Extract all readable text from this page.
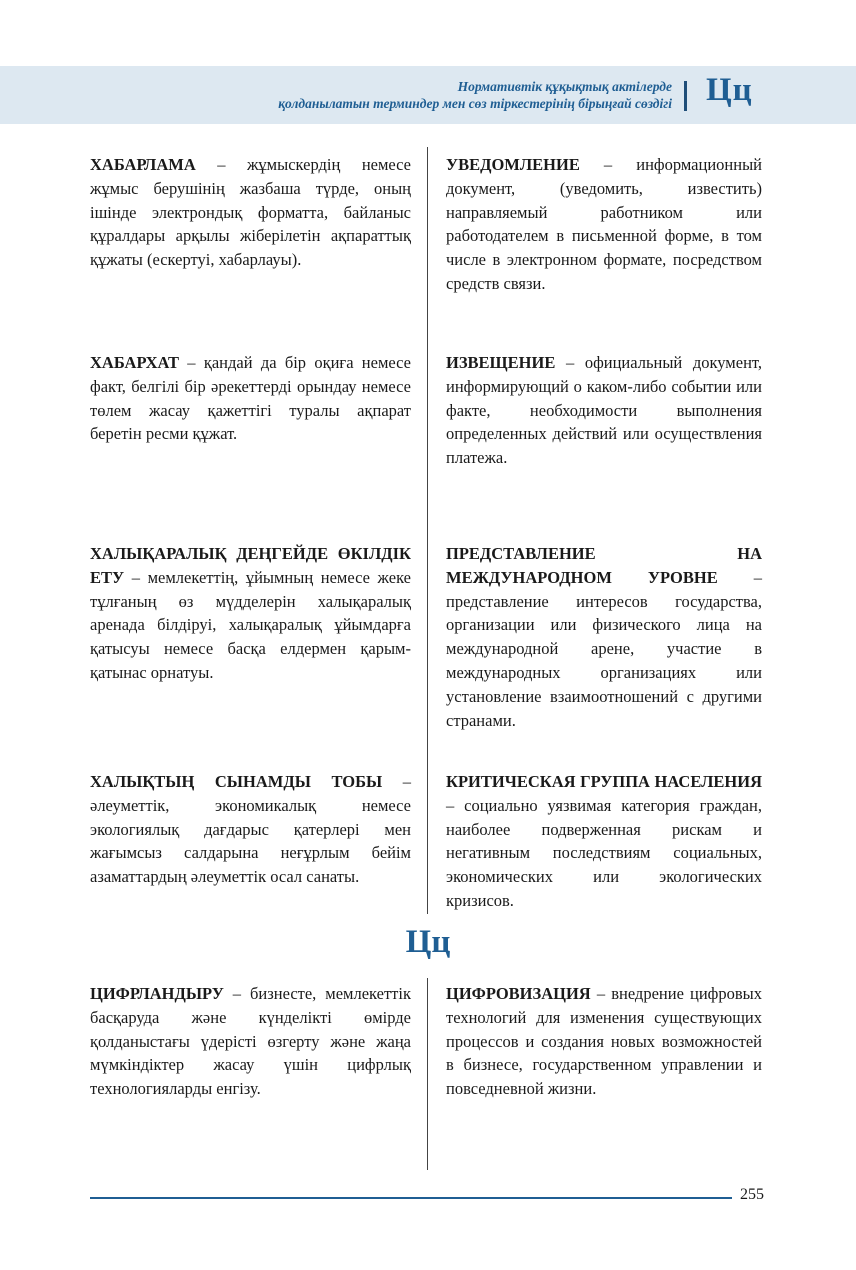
Нормативтік құқықтық актілерде
қолданылатын терминдер мен сөз тіркестерінің бірыңғай сөздігі Цц
ХАБАРЛАМА – жұмыскердің немесе жұмыс берушінің жазбаша түрде, оның ішінде электрондық форматта, байланыс құралдары арқылы жіберілетін ақпараттық құжаты (ескертуі, хабарлауы).
УВЕДОМЛЕНИЕ – информационный документ, (уведомить, известить) направляемый работником или работодателем в письменной форме, в том числе в электронном формате, посредством средств связи.
ХАБАРХАТ – қандай да бір оқиға немесе факт, белгілі бір әрекеттерді орындау немесе төлем жасау қажеттігі туралы ақпарат беретін ресми құжат.
ИЗВЕЩЕНИЕ – официальный документ, информирующий о каком-либо событии или факте, необходимости выполнения определенных действий или осуществления платежа.
ХАЛЫҚАРАЛЫҚ ДЕҢГЕЙДЕ ӨКІЛДІК ЕТУ – мемлекеттің, ұйымның немесе жеке тұлғаның өз мүдделерін халықаралық аренада білдіруі, халықаралық ұйымдарға қатысуы немесе басқа елдермен қарым-қатынас орнатуы.
ПРЕДСТАВЛЕНИЕ НА МЕЖДУНАРОДНОМ УРОВНЕ – представление интересов государства, организации или физического лица на международной арене, участие в международных организациях или установление взаимоотношений с другими странами.
ХАЛЫҚТЫҢ СЫНАМДЫ ТОБЫ – әлеуметтік, экономикалық немесе экологиялық дағдарыс қатерлері мен жағымсыз салдарына неғұрлым бейім азаматтардың әлеуметтік осал санаты.
КРИТИЧЕСКАЯ ГРУППА НАСЕЛЕНИЯ – социально уязвимая категория граждан, наиболее подверженная рискам и негативным последствиям социальных, экономических или экологических кризисов.
Цц
ЦИФРЛАНДЫРУ – бизнесте, мемлекеттік басқаруда және күнделікті өмірде қолданыстағы үдерісті өзгерту және жаңа мүмкіндіктер жасау үшін цифрлық технологияларды енгізу.
ЦИФРОВИЗАЦИЯ – внедрение цифровых технологий для изменения существующих процессов и создания новых возможностей в бизнесе, государственном управлении и повседневной жизни.
255
